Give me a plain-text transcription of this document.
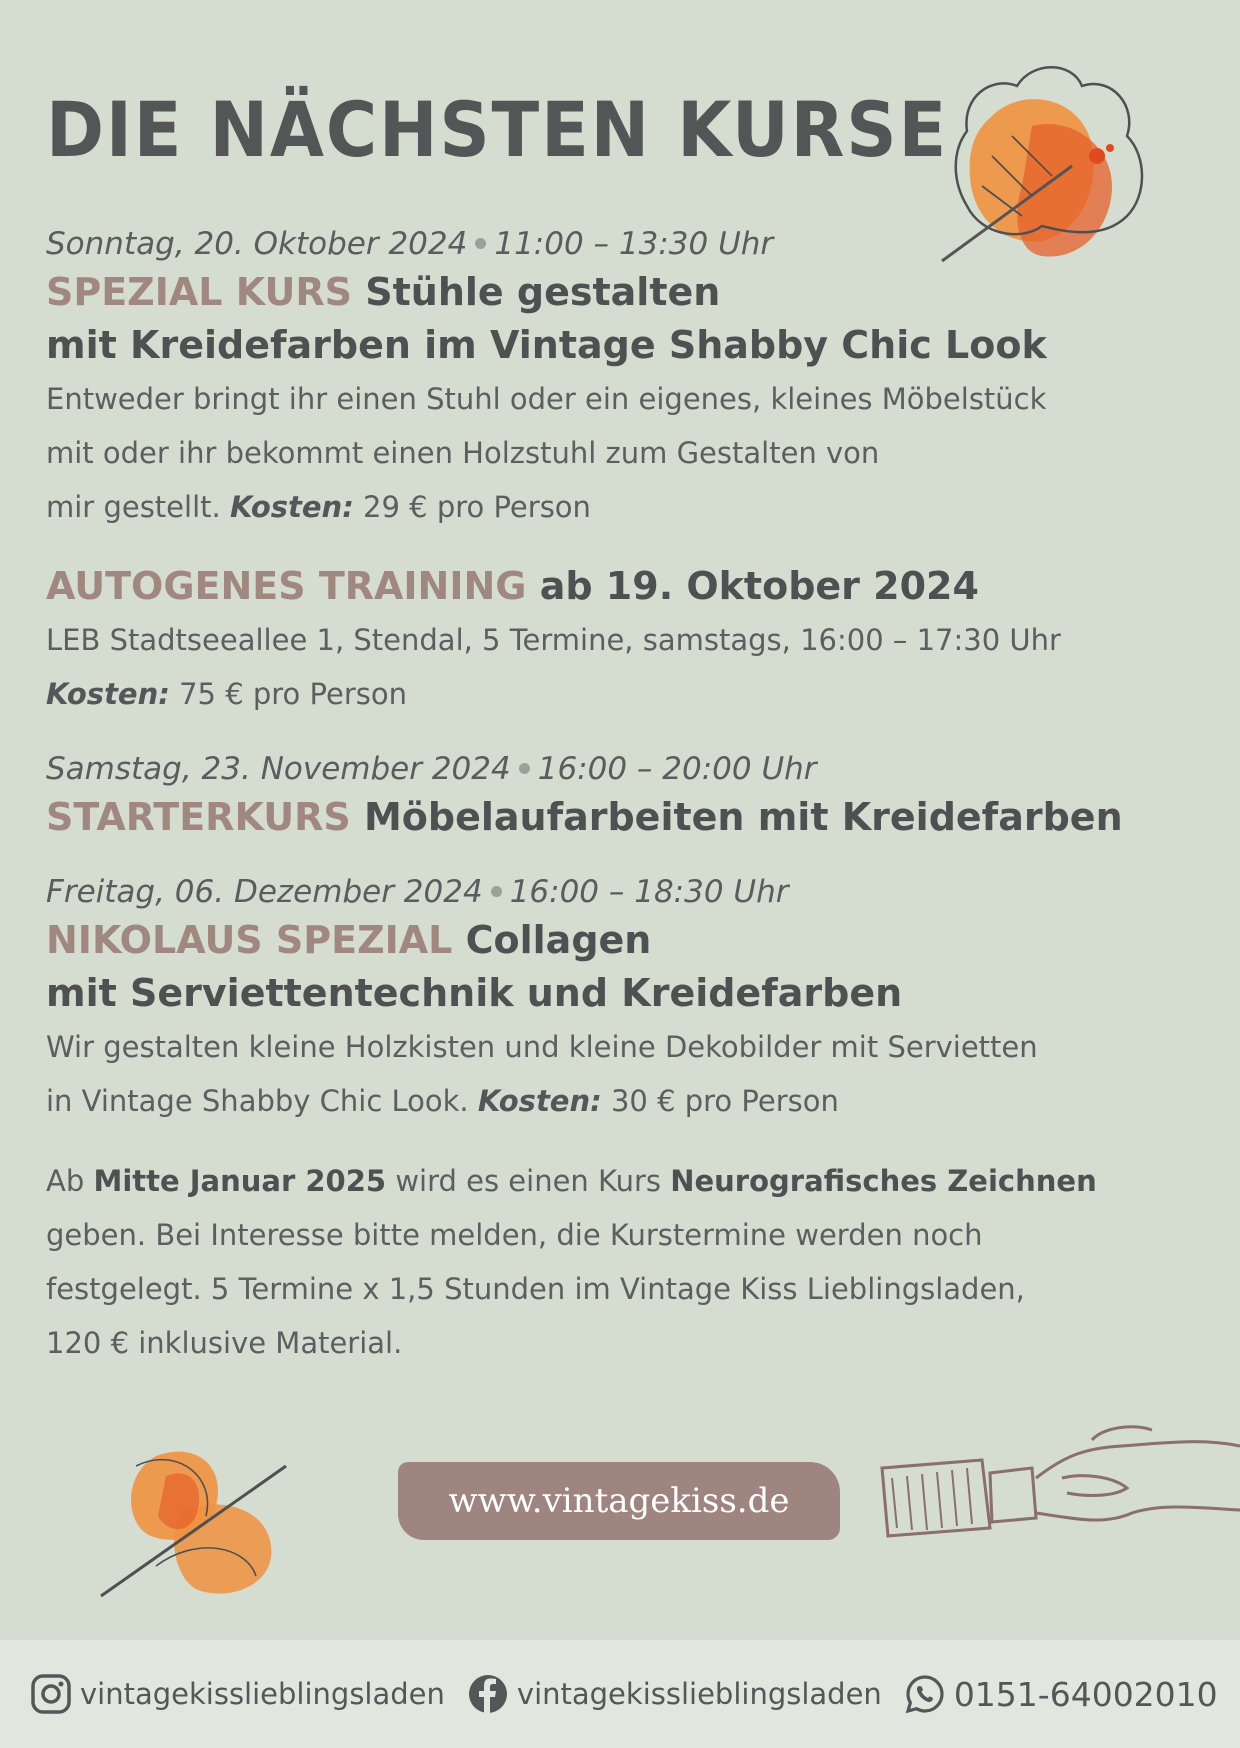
DIE NÄCHSTEN KURSE
Sonntag, 20. Oktober 2024 11:00 – 13:30 Uhr
SPEZIAL KURS Stühle gestalten
mit Kreidefarben im Vintage Shabby Chic Look
Entweder bringt ihr einen Stuhl oder ein eigenes, kleines Möbelstück
mit oder ihr bekommt einen Holzstuhl zum Gestalten von
mir gestellt. Kosten: 29 € pro Person
AUTOGENES TRAINING ab 19. Oktober 2024
LEB Stadtseeallee 1, Stendal, 5 Termine, samstags, 16:00 – 17:30 Uhr
Kosten: 75 € pro Person
Samstag, 23. November 2024 16:00 – 20:00 Uhr
STARTERKURS Möbelaufarbeiten mit Kreidefarben
Freitag, 06. Dezember 2024 16:00 – 18:30 Uhr
NIKOLAUS SPEZIAL Collagen
mit Serviettentechnik und Kreidefarben
Wir gestalten kleine Holzkisten und kleine Dekobilder mit Servietten
in Vintage Shabby Chic Look. Kosten: 30 € pro Person
Ab Mitte Januar 2025 wird es einen Kurs Neurografisches Zeichnen
geben. Bei Interesse bitte melden, die Kurstermine werden noch
festgelegt. 5 Termine x 1,5 Stunden im Vintage Kiss Lieblingsladen,
120 € inklusive Material.
www.vintagekiss.de
vintagekisslieblingsladen vintagekisslieblingsladen 0151-64002010
